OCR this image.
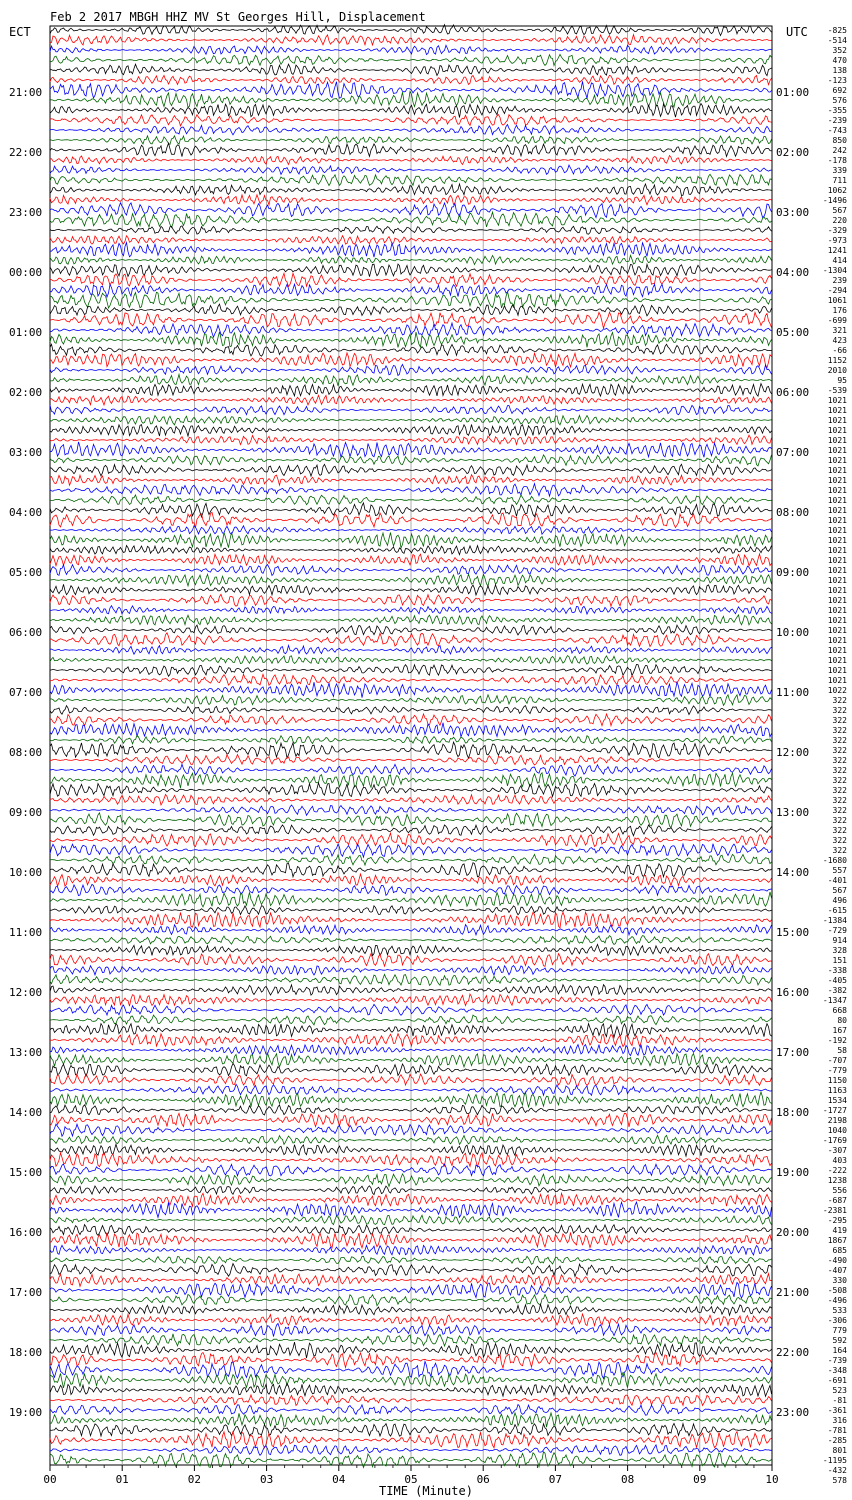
Feb 2 2017 MBGH HHZ MV St Georges Hill, Displacement
ECT	UTC
21:00
22:00
23:00
00:00
01:00
02:00
03:00
04:00
05:00
06:00
07:00
08:00
09:00
10:00
11:00
12:00
13:00
14:00
15:00
16:00
17:00
18:00
19:00
01:00
02:00
03:00
04:00
05:00
06:00
07:00
08:00
09:00
10:00
11:00
12:00
13:00
14:00
15:00
16:00
17:00
18:00
19:00
20:00
21:00
22:00
23:00
-825
-514
352
470
138
-123
692
576
-355
-239
-743
850
242
-178
339
711
1062
-1496
567
220
-329
-973
1241
414
-1304
239
-294
1061
176
-699
321
423
-66
1152
2010
95
-539
1021
1021
1021
1021
1021
1021
1021
1021
1021
1021
1021
1021
1021
1021
1021
1021
1021
1021
1021
1021
1021
1021
1021
1021
1021
1021
1021
1021
1021
1022
322
322
322
322
322
322
322
322
322
322
322
322
322
322
322
322
-1680
557
-401
567
496
-615
-1384
-729
914
328
151
-338
-405
-382
-1347
668
80
167
-192
58
-707
-779
1150
1163
1534
-1727
2198
1040
-1769
-307
403
-222
1238
556
-687
-2381
-295
419
1867
685
-490
-407
330
-508
-496
533
-306
779
592
164
-739
-348
-691
523
-81
-361
316
-781
-285
801
-1195
-432
578
00	01	02	03	04	05	06	07	08	09	10
TIME (Minute)
